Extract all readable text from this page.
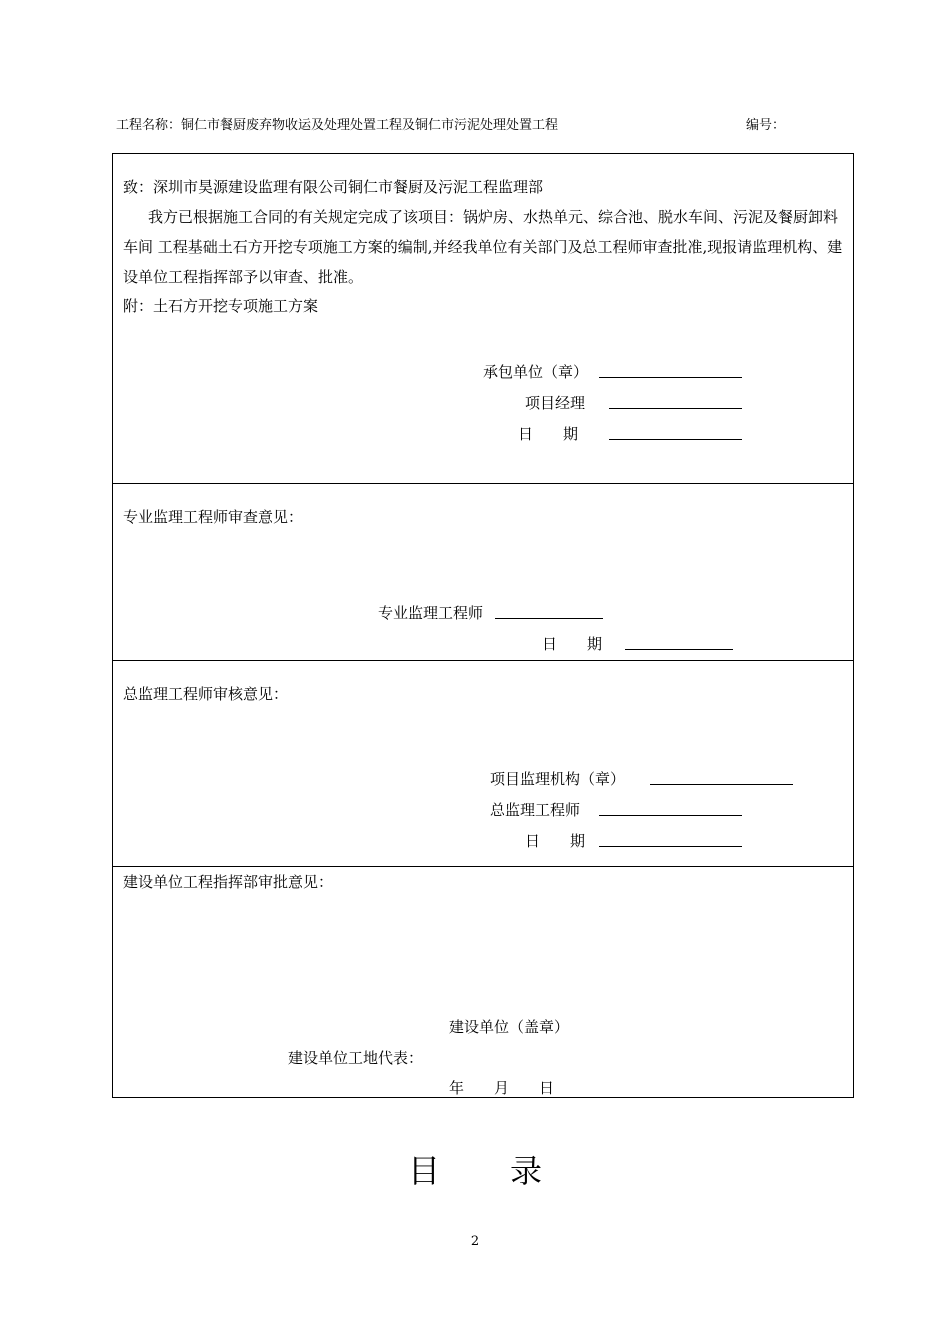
工程名称：铜仁市餐厨废弃物收运及处理处置工程及铜仁市污泥处理处置工程	编号：
致：深圳市昊源建设监理有限公司铜仁市餐厨及污泥工程监理部
我方已根据施工合同的有关规定完成了该项目：锅炉房、水热单元、综合池、脱水车间、污泥及餐厨卸料车间 工程基础土石方开挖专项施工方案的编制,并经我单位有关部门及总工程师审查批准,现报请监理机构、建设单位工程指挥部予以审查、批准。
附：土石方开挖专项施工方案
承包单位（章）
项目经理
日　　期
专业监理工程师审查意见：
专业监理工程师
日　　期
总监理工程师审核意见：
项目监理机构（章）
总监理工程师
日　　期
建设单位工程指挥部审批意见：
建设单位（盖章）
建设单位工地代表：
年　　月　　日
目 录
2
